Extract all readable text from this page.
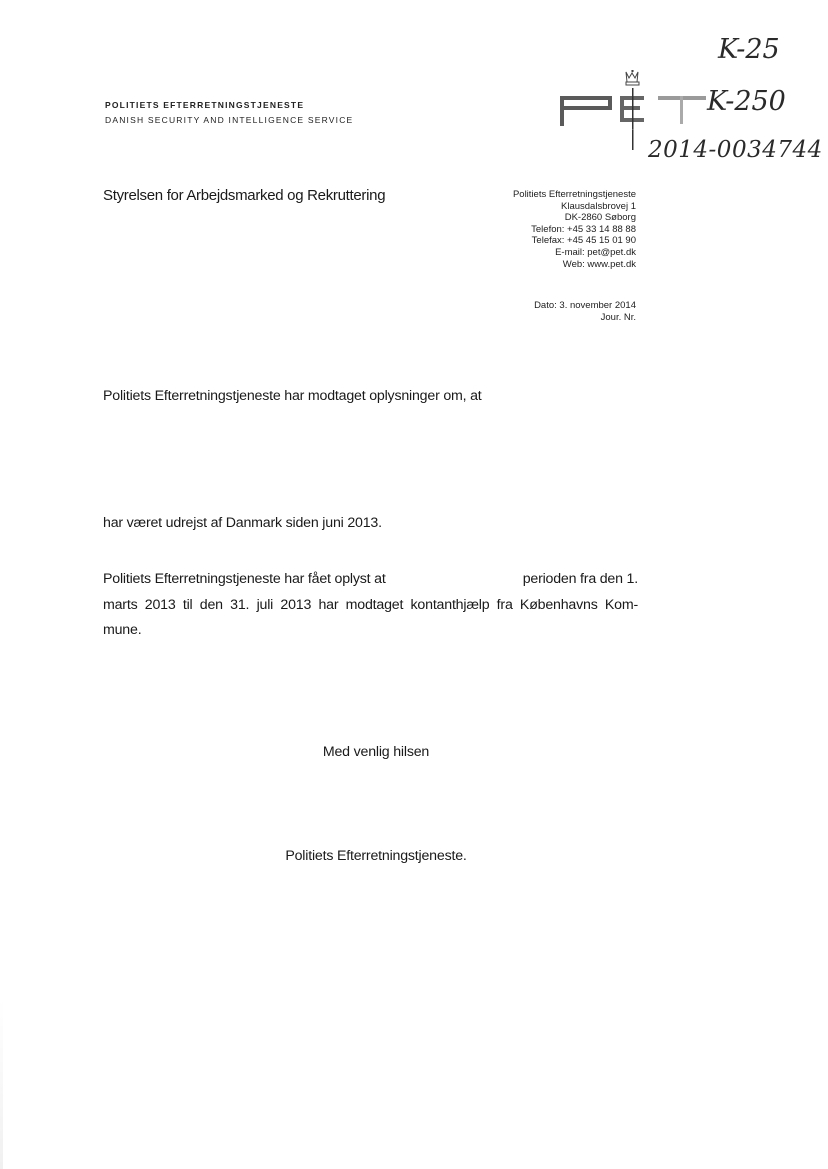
POLITIETS EFTERRETNINGSTJENESTE
DANISH SECURITY AND INTELLIGENCE SERVICE
PET
K-25
K-250
2014-0034744
Styrelsen for Arbejdsmarked og Rekruttering	Politiets Efterretningstjeneste
Klausdalsbrovej 1
DK-2860 Søborg
Telefon: +45 33 14 88 88
Telefax: +45 45 15 01 90
E-mail: pet@pet.dk
Web: www.pet.dk
Dato: 3. november 2014
Jour. Nr.
Politiets Efterretningstjeneste har modtaget oplysninger om, at
har været udrejst af Danmark siden juni 2013.
Politiets Efterretningstjeneste har fået oplyst at	perioden fra den 1.
marts 2013 til den 31. juli 2013 har modtaget kontanthjælp fra Københavns Kom-
mune.
Med venlig hilsen
Politiets Efterretningstjeneste.
